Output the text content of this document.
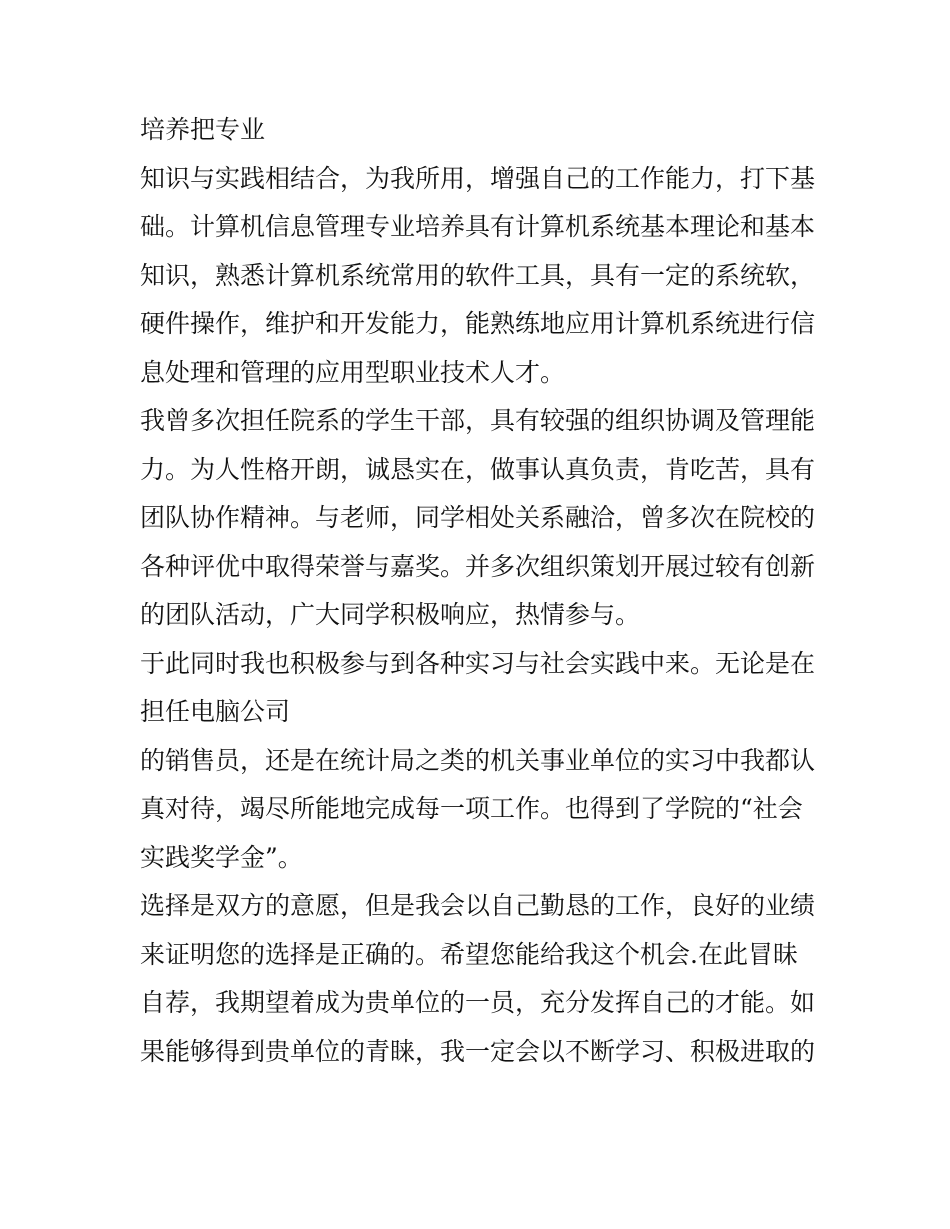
培养把专业
知识与实践相结合，为我所用，增强自己的工作能力，打下基
础。计算机信息管理专业培养具有计算机系统基本理论和基本
知识，熟悉计算机系统常用的软件工具，具有一定的系统软，
硬件操作，维护和开发能力，能熟练地应用计算机系统进行信
息处理和管理的应用型职业技术人才。
我曾多次担任院系的学生干部，具有较强的组织协调及管理能
力。为人性格开朗，诚恳实在，做事认真负责，肯吃苦，具有
团队协作精神。与老师，同学相处关系融洽，曾多次在院校的
各种评优中取得荣誉与嘉奖。并多次组织策划开展过较有创新
的团队活动，广大同学积极响应，热情参与。
于此同时我也积极参与到各种实习与社会实践中来。无论是在
担任电脑公司
的销售员，还是在统计局之类的机关事业单位的实习中我都认
真对待，竭尽所能地完成每一项工作。也得到了学院的“社会
实践奖学金”。
选择是双方的意愿，但是我会以自己勤恳的工作，良好的业绩
来证明您的选择是正确的。希望您能给我这个机会.在此冒昧
自荐，我期望着成为贵单位的一员，充分发挥自己的才能。如
果能够得到贵单位的青睐，我一定会以不断学习、积极进取的
